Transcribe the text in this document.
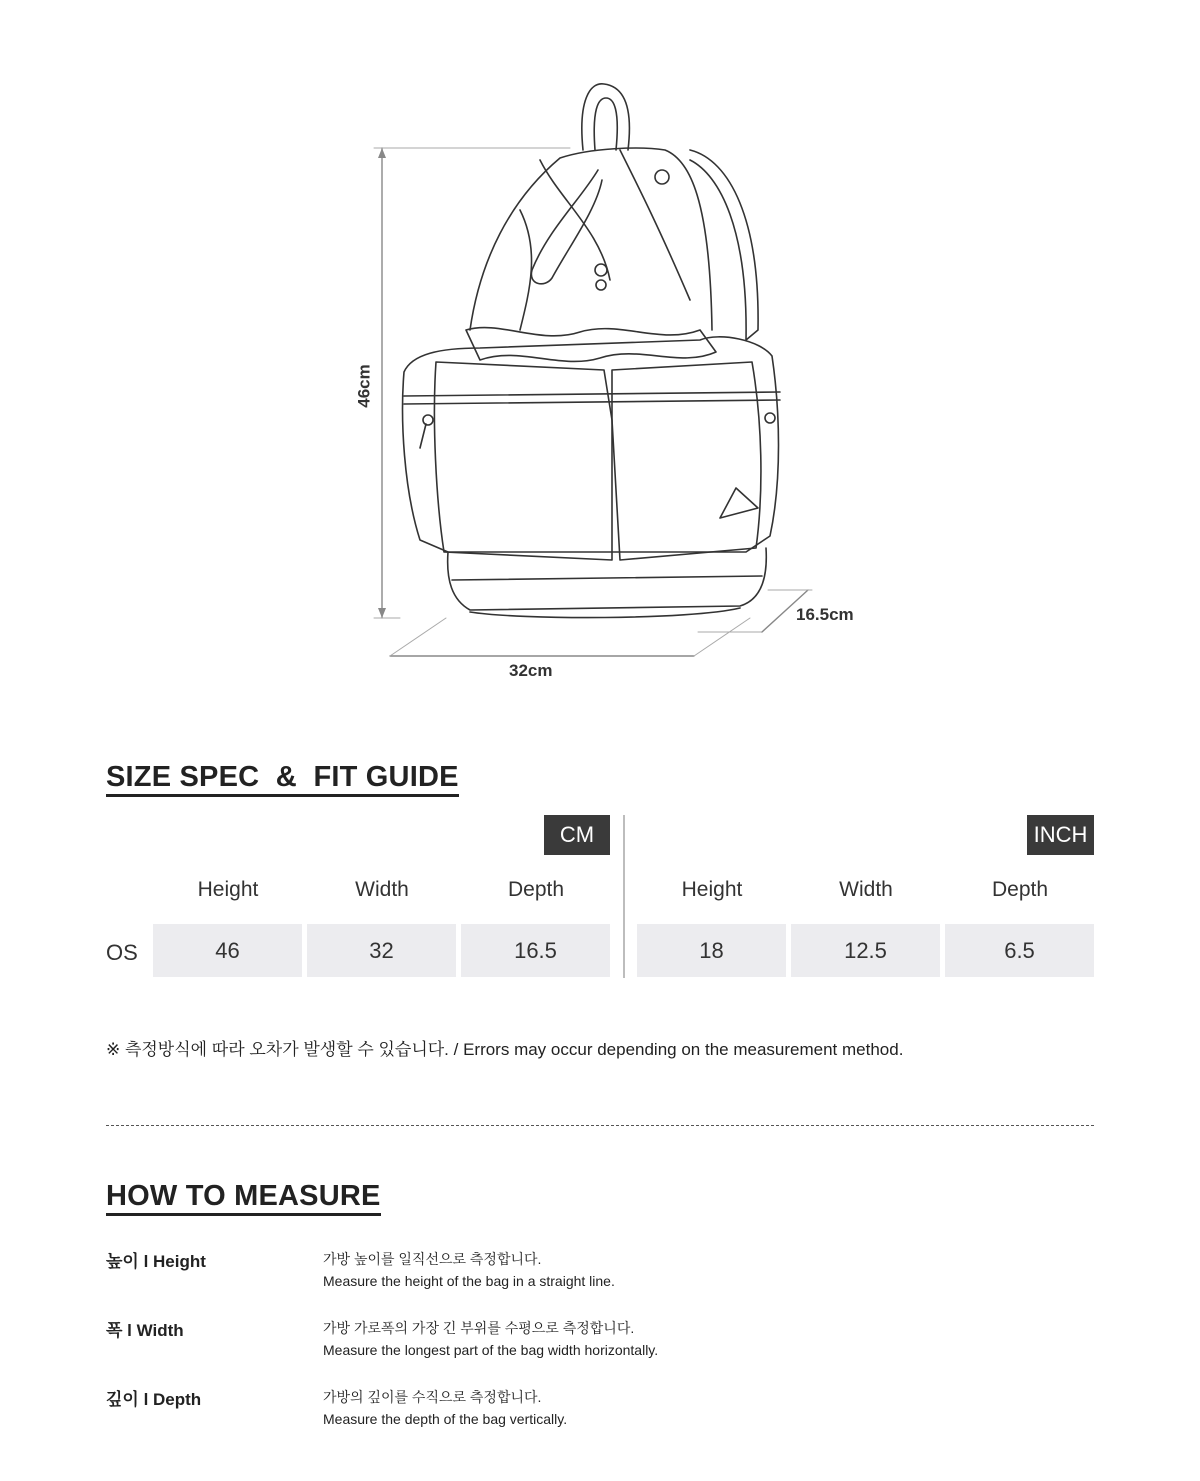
46cm
32cm
16.5cm
SIZE SPEC  &  FIT GUIDE
CM	INCH
Height	Width	Depth	Height	Width	Depth
OS	46	32	16.5	18	12.5	6.5
※ 측정방식에 따라 오차가 발생할 수 있습니다. / Errors may occur depending on the measurement method.
HOW TO MEASURE
높이 l Height	가방 높이를 일직선으로 측정합니다.
Measure the height of the bag in a straight line.
폭 l Width	가방 가로폭의 가장 긴 부위를 수평으로 측정합니다.
Measure the longest part of the bag width horizontally.
깊이 l Depth	가방의 깊이를 수직으로 측정합니다.
Measure the depth of the bag vertically.
